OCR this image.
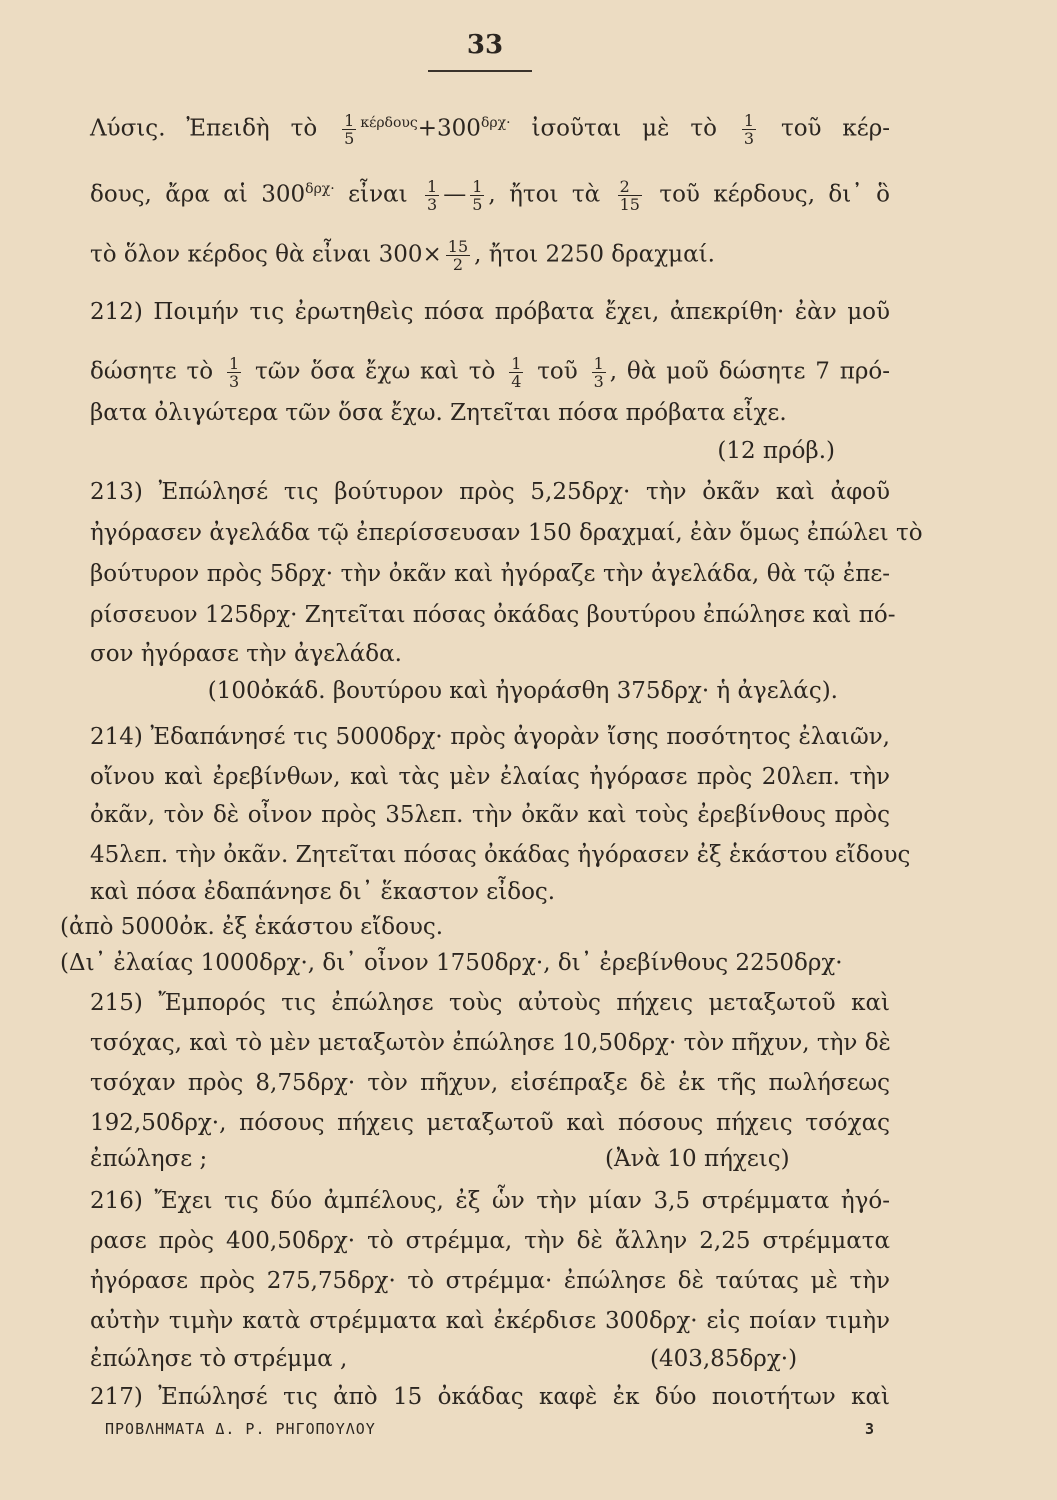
33
Λύσις. Ἐπειδὴ τὸ $\frac{1}{5} ^{\kappa έ\rho\delta o\upsilon\varsigma}+300^{\delta\rho\chi\cdot}$ ἰσοῦται μὲ τὸ $\frac{1}{3}$ τοῦ κέρ-
δους, ἄρα αἱ $300^{\delta\rho\chi\cdot}$ εἶναι $\frac{1}{3}$ — $\frac{1}{5}$ , ἤτοι τὰ $\frac{2}{15}$ τοῦ κέρδους, δι᾽ ὃ
τὸ ὅλον κέρδος θὰ εἶναι $300\times \frac{15}{2}$ , ἤτοι 2250 δραχμαί.
212) Ποιμήν τις ἐρωτηθεὶς πόσα πρόβατα ἔχει, ἀπεκρίθη· ἐὰν μοῦ
δώσητε τὸ $\frac{1}{3}$ τῶν ὅσα ἔχω καὶ τὸ $\frac{1}{4}$ τοῦ $\frac{1}{3}$ , θὰ μοῦ δώσητε 7 πρό-
βατα ὀλιγώτερα τῶν ὅσα ἔχω. Ζητεῖται πόσα πρόβατα εἶχε.
(12 πρόβ.)
213) Ἐπώλησέ τις βούτυρον πρὸς 5,25δρχ· τὴν ὀκᾶν καὶ ἀφοῦ
ἠγόρασεν ἀγελάδα τῷ ἐπερίσσευσαν 150 δραχμαί, ἐὰν ὅμως ἐπώλει τὸ
βούτυρον πρὸς 5δρχ· τὴν ὀκᾶν καὶ ἠγόραζε τὴν ἀγελάδα, θὰ τῷ ἐπε-
ρίσσευον 125δρχ· Ζητεῖται πόσας ὀκάδας βουτύρου ἐπώλησε καὶ πό-
σον ἠγόρασε τὴν ἀγελάδα.
(100ὀκάδ. βουτύρου καὶ ἠγοράσθη 375δρχ· ἡ ἀγελάς).
214) Ἐδαπάνησέ τις 5000δρχ· πρὸς ἀγορὰν ἴσης ποσότητος ἐλαιῶν,
οἴνου καὶ ἐρεβίνθων, καὶ τὰς μὲν ἐλαίας ἠγόρασε πρὸς 20λεπ. τὴν
ὀκᾶν, τὸν δὲ οἶνον πρὸς 35λεπ. τὴν ὀκᾶν καὶ τοὺς ἐρεβίνθους πρὸς
45λεπ. τὴν ὀκᾶν. Ζητεῖται πόσας ὀκάδας ἠγόρασεν ἐξ ἑκάστου εἴδους
καὶ πόσα ἐδαπάνησε δι᾽ ἕκαστον εἶδος.
(ἀπὸ 5000ὀκ. ἐξ ἑκάστου εἴδους.
(Δι᾽ ἐλαίας 1000δρχ·, δι᾽ οἶνον 1750δρχ·, δι᾽ ἐρεβίνθους 2250δρχ·
215) Ἔμπορός τις ἐπώλησε τοὺς αὐτοὺς πήχεις μεταξωτοῦ καὶ
τσόχας, καὶ τὸ μὲν μεταξωτὸν ἐπώλησε 10,50δρχ· τὸν πῆχυν, τὴν δὲ
τσόχαν πρὸς 8,75δρχ· τὸν πῆχυν, εἰσέπραξε δὲ ἐκ τῆς πωλήσεως
192,50δρχ·, πόσους πήχεις μεταξωτοῦ καὶ πόσους πήχεις τσόχας
ἐπώλησε ;	(Ἀνὰ 10 πήχεις)
216) Ἔχει τις δύο ἀμπέλους, ἐξ ὧν τὴν μίαν 3,5 στρέμματα ἠγό-
ρασε πρὸς 400,50δρχ· τὸ στρέμμα, τὴν δὲ ἄλλην 2,25 στρέμματα
ἠγόρασε πρὸς 275,75δρχ· τὸ στρέμμα· ἐπώλησε δὲ ταύτας μὲ τὴν
αὐτὴν τιμὴν κατὰ στρέμματα καὶ ἐκέρδισε 300δρχ· εἰς ποίαν τιμὴν
ἐπώλησε τὸ στρέμμα ,	(403,85δρχ·)
217) Ἐπώλησέ τις ἀπὸ 15 ὀκάδας καφὲ ἐκ δύο ποιοτήτων καὶ
ΠΡΟΒΛΗΜΑΤΑ Δ. Ρ. ΡΗΓΟΠΟΥΛΟΥ	3
